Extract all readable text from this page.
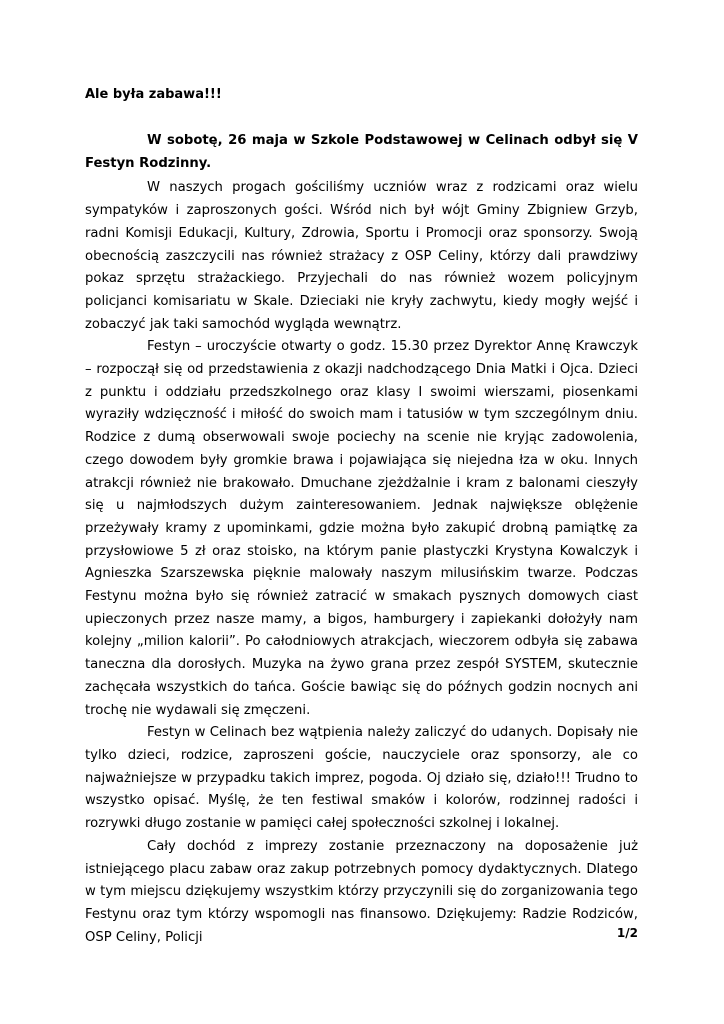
Ale była zabawa!!!

W sobotę, 26 maja w Szkole Podstawowej w Celinach odbył się V Festyn Rodzinny.

W naszych progach gościliśmy uczniów wraz z rodzicami oraz wielu sympatyków i zaproszonych gości. Wśród nich był wójt Gminy Zbigniew Grzyb, radni Komisji Edukacji, Kultury, Zdrowia, Sportu i Promocji oraz sponsorzy. Swoją obecnością zaszczycili nas również strażacy z OSP Celiny, którzy dali prawdziwy pokaz sprzętu strażackiego. Przyjechali do nas również wozem policyjnym policjanci komisariatu w Skale. Dzieciaki nie kryły zachwytu, kiedy mogły wejść i zobaczyć jak taki samochód wygląda wewnątrz.

Festyn – uroczyście otwarty o godz. 15.30 przez Dyrektor Annę Krawczyk – rozpoczął się od przedstawienia z okazji nadchodzącego Dnia Matki i Ojca. Dzieci z punktu i oddziału przedszkolnego oraz klasy I swoimi wierszami, piosenkami wyraziły wdzięczność i miłość do swoich mam i tatusiów w tym szczególnym dniu. Rodzice z dumą obserwowali swoje pociechy na scenie nie kryjąc zadowolenia, czego dowodem były gromkie brawa i pojawiająca się niejedna łza w oku. Innych atrakcji również nie brakowało. Dmuchane zjeżdżalnie i kram z balonami cieszyły się u najmłodszych dużym zainteresowaniem. Jednak największe oblężenie przeżywały kramy z upominkami, gdzie można było zakupić drobną pamiątkę za przysłowiowe 5 zł oraz stoisko, na którym panie plastyczki Krystyna Kowalczyk i Agnieszka Szarszewska pięknie malowały naszym milusińskim twarze. Podczas Festynu można było się również zatracić w smakach pysznych domowych ciast upieczonych przez nasze mamy, a bigos, hamburgery i zapiekanki dołożyły nam kolejny „milion kalorii”. Po całodniowych atrakcjach, wieczorem odbyła się zabawa taneczna dla dorosłych. Muzyka na żywo grana przez zespół SYSTEM, skutecznie zachęcała wszystkich do tańca. Goście bawiąc się do późnych godzin nocnych ani trochę nie wydawali się zmęczeni.

Festyn w Celinach bez wątpienia należy zaliczyć do udanych. Dopisały nie tylko dzieci, rodzice, zaproszeni goście, nauczyciele oraz sponsorzy, ale co najważniejsze w przypadku takich imprez, pogoda. Oj działo się, działo!!! Trudno to wszystko opisać. Myślę, że ten festiwal smaków i kolorów, rodzinnej radości i rozrywki długo zostanie w pamięci całej społeczności szkolnej i lokalnej.

Cały dochód z imprezy zostanie przeznaczony na doposażenie już istniejącego placu zabaw oraz zakup potrzebnych pomocy dydaktycznych. Dlatego w tym miejscu dziękujemy wszystkim którzy przyczynili się do zorganizowania tego Festynu oraz tym którzy wspomogli nas finansowo. Dziękujemy: Radzie Rodziców, OSP Celiny, Policji	1/2
